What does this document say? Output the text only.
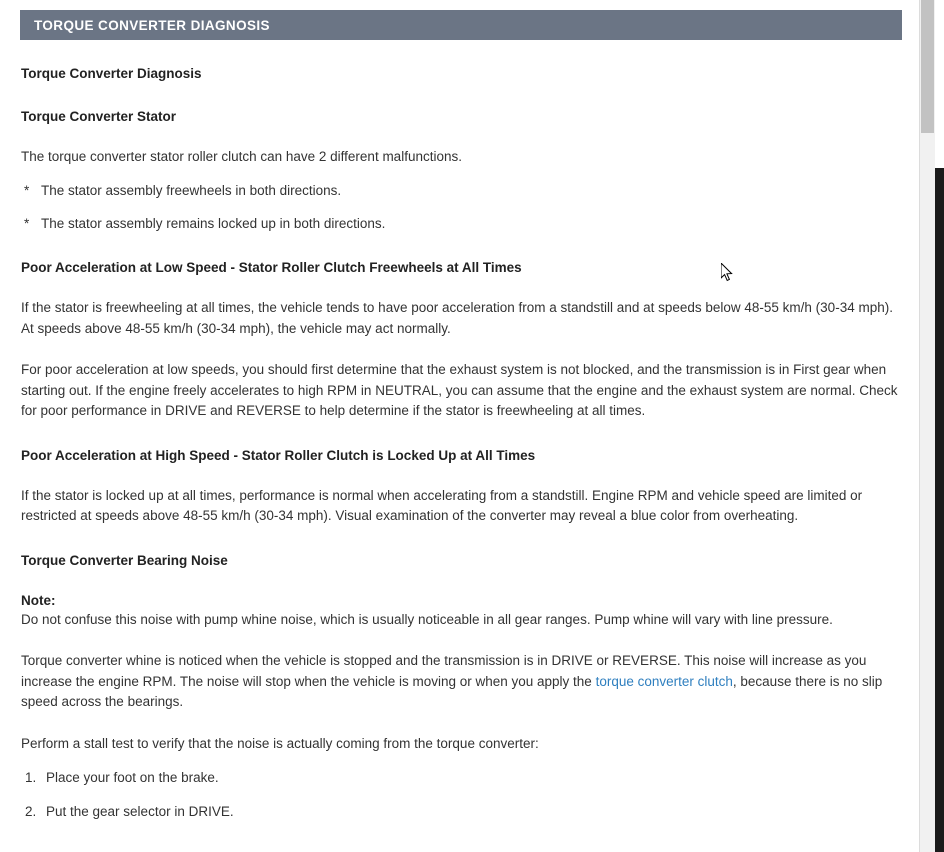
TORQUE CONVERTER DIAGNOSIS
Torque Converter Diagnosis
Torque Converter Stator

The torque converter stator roller clutch can have 2 different malfunctions.

* The stator assembly freewheels in both directions.
* The stator assembly remains locked up in both directions.
Poor Acceleration at Low Speed - Stator Roller Clutch Freewheels at All Times

If the stator is freewheeling at all times, the vehicle tends to have poor acceleration from a standstill and at speeds below 48-55 km/h (30-34 mph). At speeds above 48-55 km/h (30-34 mph), the vehicle may act normally.

For poor acceleration at low speeds, you should first determine that the exhaust system is not blocked, and the transmission is in First gear when starting out. If the engine freely accelerates to high RPM in NEUTRAL, you can assume that the engine and the exhaust system are normal. Check for poor performance in DRIVE and REVERSE to help determine if the stator is freewheeling at all times.

Poor Acceleration at High Speed - Stator Roller Clutch is Locked Up at All Times

If the stator is locked up at all times, performance is normal when accelerating from a standstill. Engine RPM and vehicle speed are limited or restricted at speeds above 48-55 km/h (30-34 mph). Visual examination of the converter may reveal a blue color from overheating.

Torque Converter Bearing Noise
Note:
Do not confuse this noise with pump whine noise, which is usually noticeable in all gear ranges. Pump whine will vary with line pressure.

Torque converter whine is noticed when the vehicle is stopped and the transmission is in DRIVE or REVERSE. This noise will increase as you increase the engine RPM. The noise will stop when the vehicle is moving or when you apply the torque converter clutch, because there is no slip speed across the bearings.

Perform a stall test to verify that the noise is actually coming from the torque converter:

1. Place your foot on the brake.
2. Put the gear selector in DRIVE.
